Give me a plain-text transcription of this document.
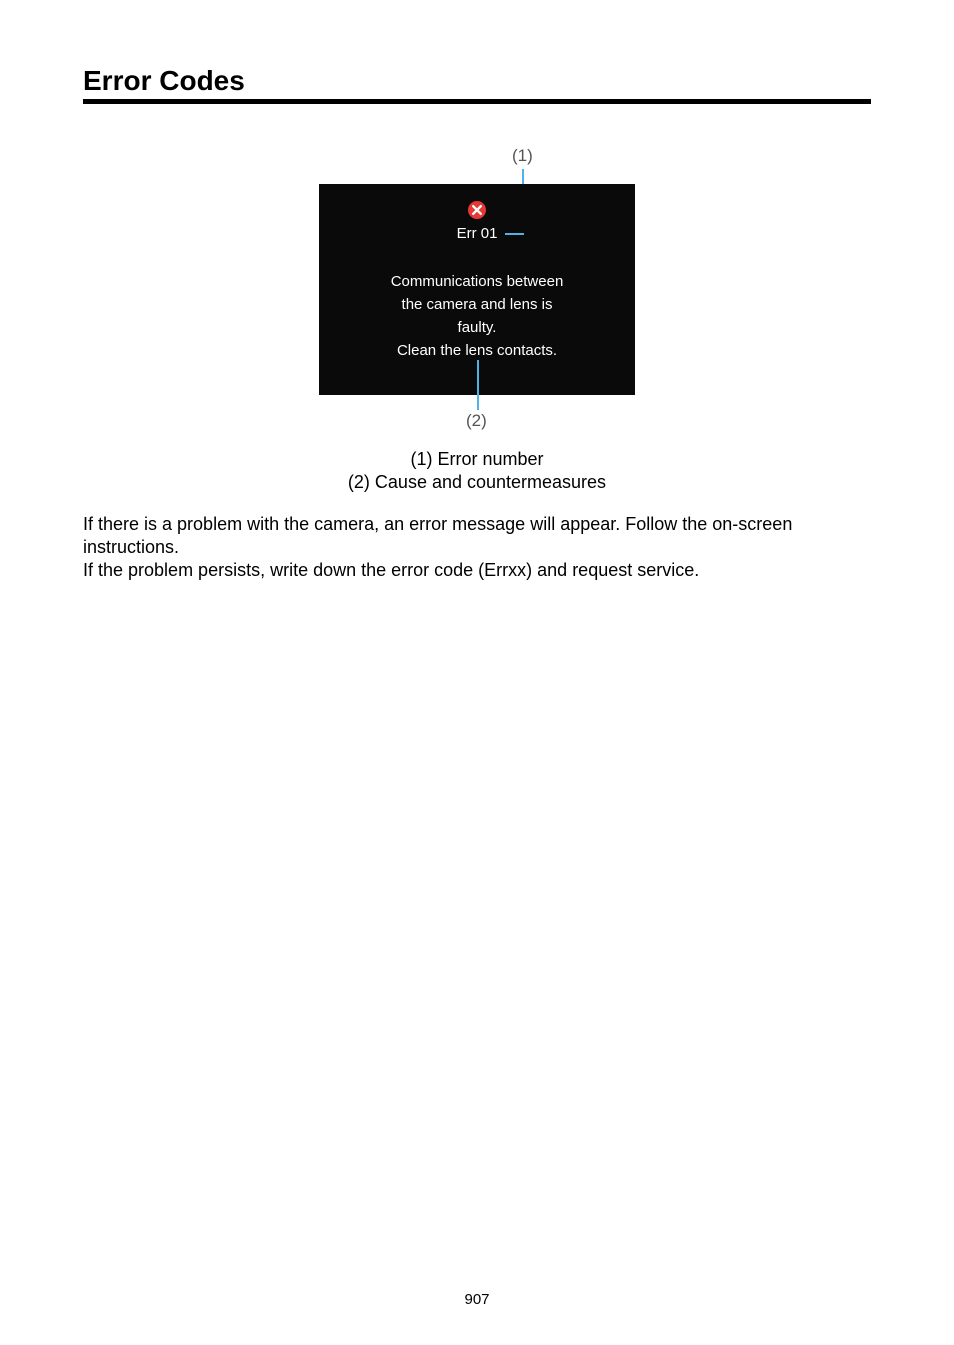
Error Codes
(1)
Err 01
Communications between
the camera and lens is
faulty.
Clean the lens contacts.
(2)
(1) Error number
(2) Cause and countermeasures

If there is a problem with the camera, an error message will appear. Follow the on-screen instructions.

If the problem persists, write down the error code (Errxx) and request service.

907
